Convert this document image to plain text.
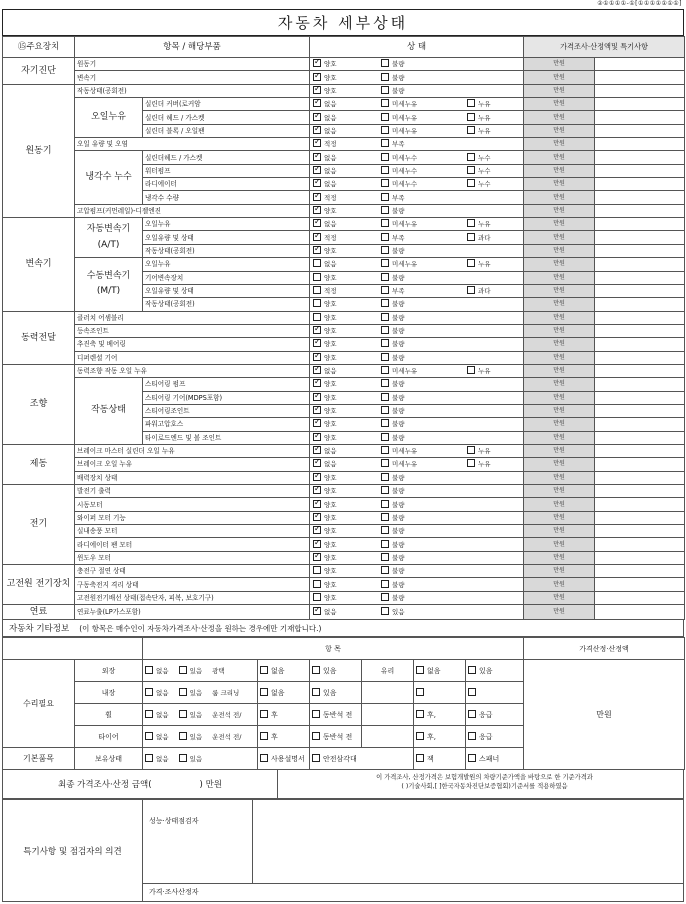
②①①①①-①[①①①①①①①]
자동차 세부상태
⑮주요장치	항목 / 해당부품		상 태	가격조사·산정액및 특기사항	
자기진단	원동기	✓양호 불량	만원	
	변속기	✓양호 불량	만원	
원동기	작동상태(공회전)	✓양호 불량	만원	
	오일누유	실린더 커버(로커암	✓없음 미세누유 누유	만원	
		실린더 헤드 / 가스켓	✓없음 미세누유 누유	만원	
		실린더 블록 / 오일팬	✓없음 미세누유 누유	만원	
	오일 유량 및 오염	✓적정 부족	만원	
	냉각수 누수	실린더헤드 / 가스켓	✓없음 미세누수 누수	만원	
		워터펌프	✓없음 미세누수 누수	만원	
		라디에이터	✓없음 미세누수 누수	만원	
		냉각수 수량	✓적정 부족	만원	
	고압펌프(커먼레일)-디젤엔진	✓양호 불량	만원	
변속기	자동변속기 (A/T)	오일누유	✓없음 미세누유 누유	만원	
		오일유량 및 상태	✓적정 부족 과다	만원	
		작동상태(공회전)	✓양호 불량	만원	
	수동변속기 (M/T)	오일누유	없음 미세누유 누유	만원	
		기어변속장치	양호 불량	만원	
		오일유량 및 상태	적정 부족 과다	만원	
		작동상태(공회전)	양호 불량	만원	
동력전달	클러치 어셈블리		양호 불량	만원	
	등속조인트	✓양호 불량	만원	
	추진축 및 베어링	✓양호 불량	만원	
	디퍼렌셜 기어	✓양호 불량	만원	
조향	동력조향 작동 오일 누유	✓없음 미세누유 누유	만원	
	작동상태	스티어링 펌프	✓양호 불량	만원	
		스티어링 기어(MDPS포함)	✓양호 불량	만원	
		스티어링조인트	✓양호 불량	만원	
		파워고압호스	✓양호 불량	만원	
		타이로드엔드 및 볼 조인트	✓양호 불량	만원	
제동	브레이크 마스터 실린더 오일 누유	✓없음 미세누유 누유	만원	
	브레이크 오일 누유	✓없음 미세누유 누유	만원	
	배력장치 상태	✓양호 불량	만원	
전기	발전기 출력	✓양호 불량	만원	
	시동모터	✓양호 불량	만원	
	와이퍼 모터 기능	✓양호 불량	만원	
	실내송풍 모터	✓양호 불량	만원	
	라디에이터 팬 모터	✓양호 불량	만원	
	윈도우 모터	✓양호 불량	만원	
고전원 전기장치	충전구 절연 상태		양호 불량	만원	
	구동축전지 격리 상태		양호 불량	만원	
	고전원전기배선 상태(접속단자, 피복, 보호기구)		양호 불량	만원	
연료	연료누출(LP가스포함)	✓없음 있음	만원	
자동차 기타정보 (이 항목은 매수인이 자동차가격조사·산정을 원하는 경우에만 기재합니다.)
		항 목						가격산정·산정액
수리필요	외장	없음 있음 광택	없음	있음	유리	없음	있음	만원
	내장	없음 있음 룸 크리닝	없음	있음				
	휠	없음 있음 운전석 전/	후	동반석 전		후,	응급	
	타이어	없음 있음 운전석 전/	후	동반석 전		후,	응급	
기본품목	보유상태	없음 있음	사용설명서	안전삼각대		잭	스패너	
최종 가격조사·산정 금액(	) 만원
이 가격조사, 산정가격은 보험개발원의 차량기준가액을 바탕으로 한 기준가격과
( )기술사회,[ ]한국자동차진단보증협회)기준서를 적용하였음
특기사항 및 점검자의 의견
성능·상태점검자
가격·조사산정자
